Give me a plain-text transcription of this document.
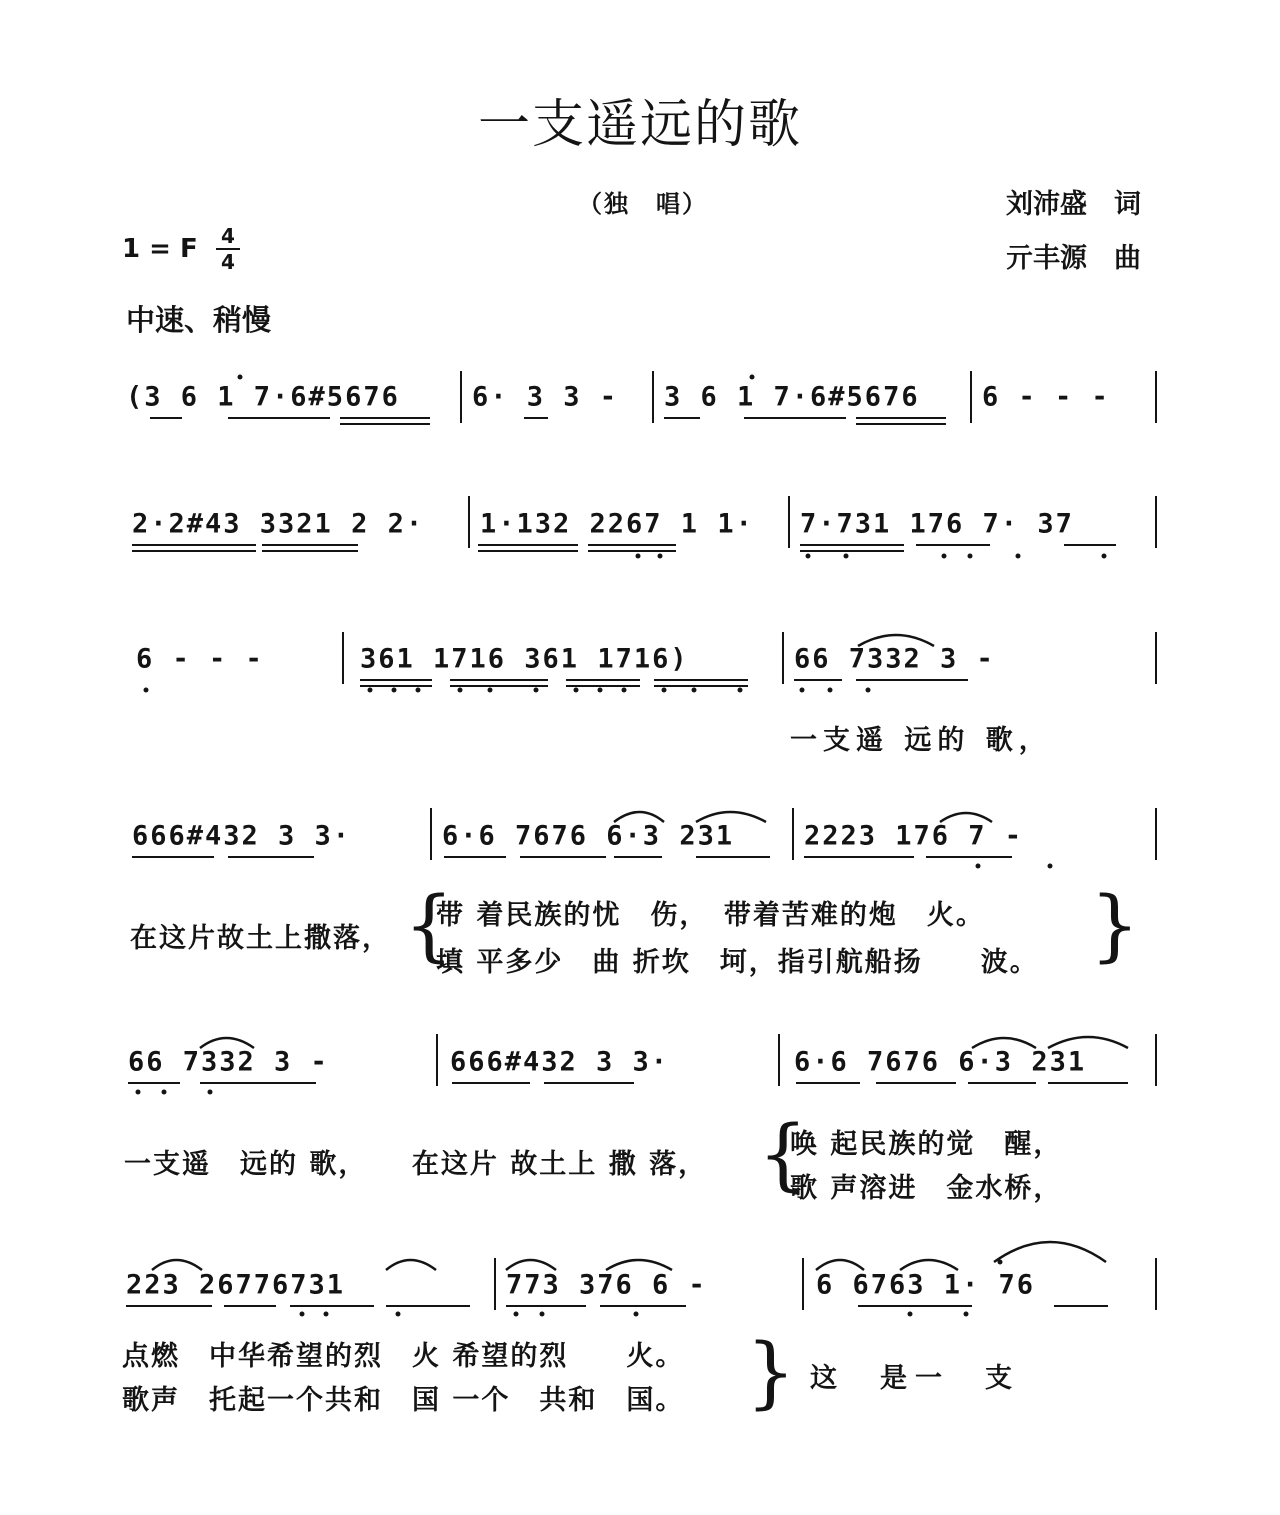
一支遥远的歌
（独　唱）	刘沛盛　词
亓丰源　曲
1 = F 4
4
中速、稍慢
(3 6 1 7·6#5676	6· 3 3 - 3 6 1 7·6#5676 6 - - -
2·2#43 3321 2 2· 1·132 2267 1 1· 7·731 176 7· 37
6 - - -	361 1716 361 1716)	66 7332 3 -
一支遥 远的 歌，
666#432 3 3·	6·6 7676 6·3 231	2223 176 7 -
在这片故土上撒落， {
带 着民族的忧　伤，　带着苦难的炮　火。
填 平多少　曲 折坎　坷，指引航船扬　　波。 }
66 7332 3 -	666#432 3 3·	6·6 7676 6·3 231
一支遥　远的 歌，　　在这片 故土上 撒 落， {
唤 起民族的觉　醒，
歌 声溶进　金水桥，
223 26776731	773 376 6 -	6 6763 1· 76
点燃　中华希望的烈　火 希望的烈　　火。
歌声　托起一个共和　国 一个　共和　国。 } 这　是一　支
